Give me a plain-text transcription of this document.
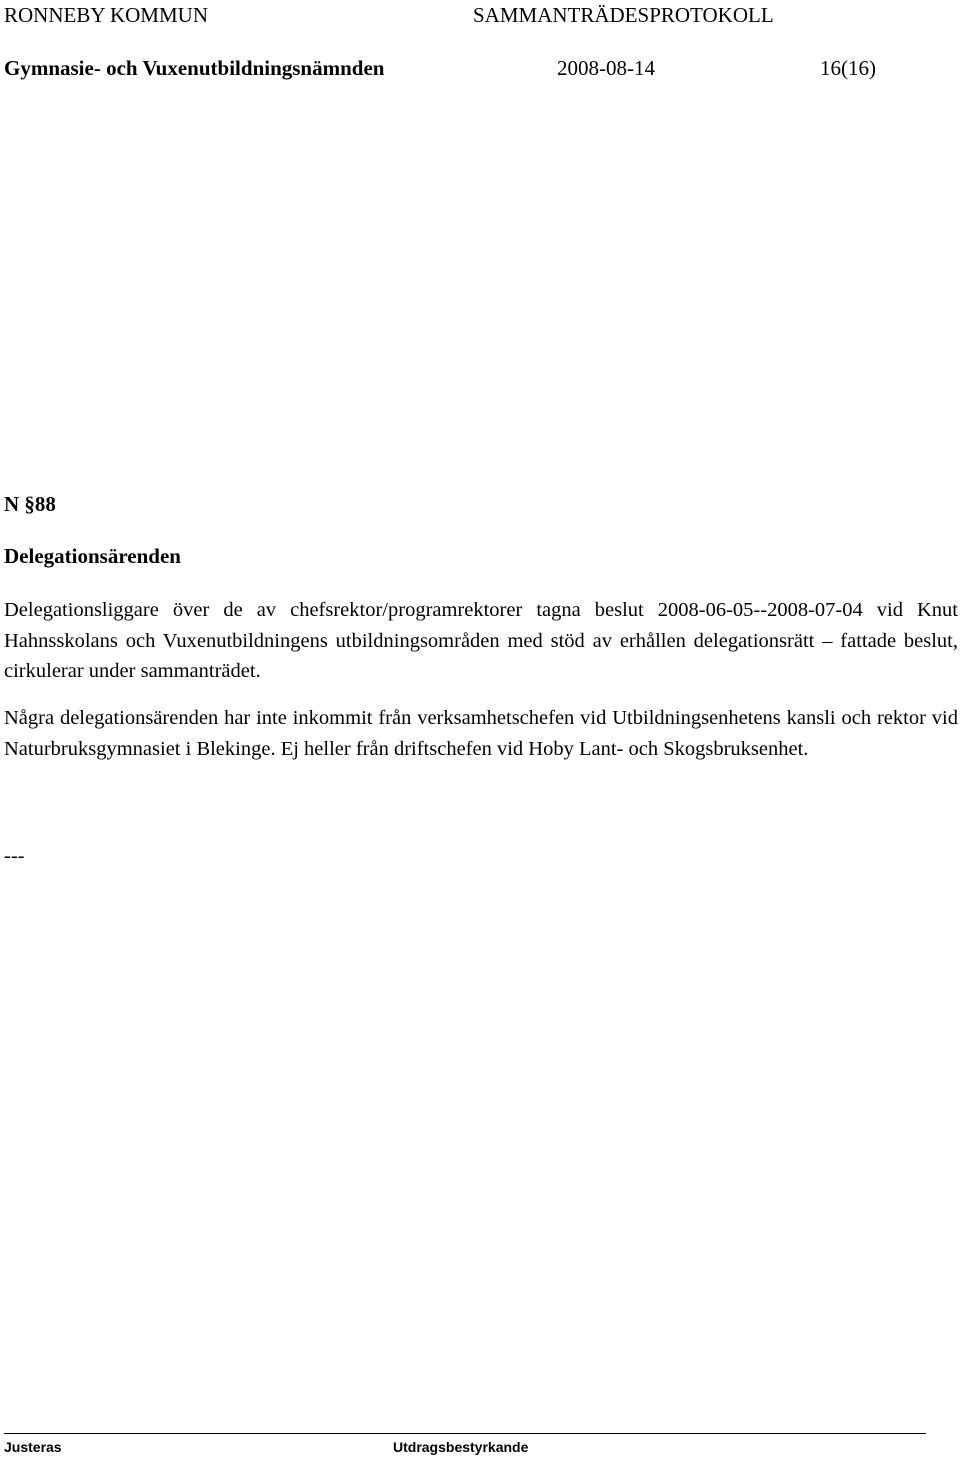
RONNEBY KOMMUN	SAMMANTRÄDESPROTOKOLL
Gymnasie- och Vuxenutbildningsnämnden	2008-08-14	16(16)
N §88
Delegationsärenden
Delegationsliggare över de av chefsrektor/programrektorer tagna beslut 2008-06-05--2008-07-04 vid Knut Hahnsskolans och Vuxenutbildningens utbildningsområden med stöd av erhållen delegationsrätt – fattade beslut, cirkulerar under sammanträdet.
Några delegationsärenden har inte inkommit från verksamhetschefen vid Utbildningsenhetens kansli och rektor vid Naturbruksgymnasiet i Blekinge. Ej heller från driftschefen vid Hoby Lant- och Skogsbruksenhet.
---
Justeras	Utdragsbestyrkande
